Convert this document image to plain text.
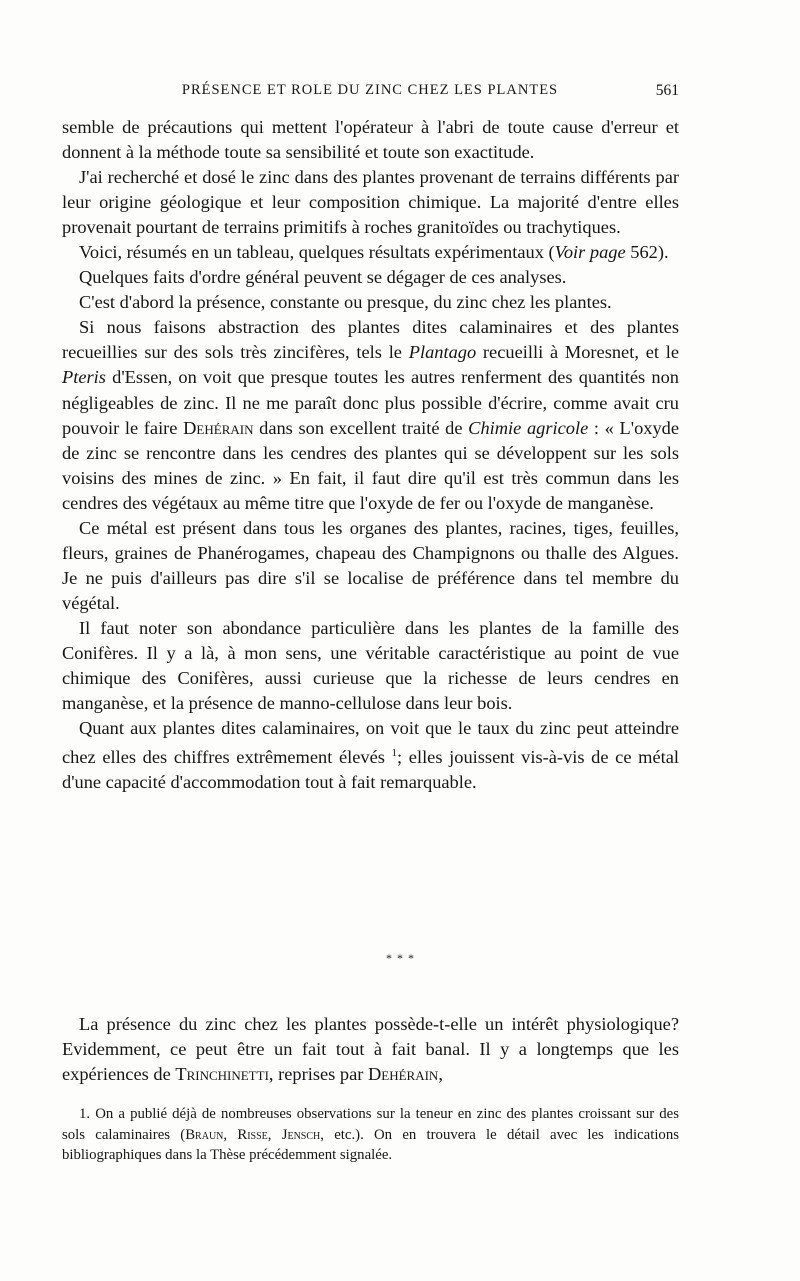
PRÉSENCE ET ROLE DU ZINC CHEZ LES PLANTES	561

semble de précautions qui mettent l'opérateur à l'abri de toute cause d'erreur et donnent à la méthode toute sa sensibilité et toute son exactitude.

J'ai recherché et dosé le zinc dans des plantes provenant de terrains différents par leur origine géologique et leur composition chimique. La majorité d'entre elles provenait pourtant de terrains primitifs à roches granitoïdes ou trachytiques.

Voici, résumés en un tableau, quelques résultats expérimentaux (Voir page 562).

Quelques faits d'ordre général peuvent se dégager de ces analyses.

C'est d'abord la présence, constante ou presque, du zinc chez les plantes.

Si nous faisons abstraction des plantes dites calaminaires et des plantes recueillies sur des sols très zincifères, tels le Plantago recueilli à Moresnet, et le Pteris d'Essen, on voit que presque toutes les autres renferment des quantités non négligeables de zinc. Il ne me paraît donc plus possible d'écrire, comme avait cru pouvoir le faire Dehérain dans son excellent traité de Chimie agricole : « L'oxyde de zinc se rencontre dans les cendres des plantes qui se développent sur les sols voisins des mines de zinc. » En fait, il faut dire qu'il est très commun dans les cendres des végétaux au même titre que l'oxyde de fer ou l'oxyde de manganèse.

Ce métal est présent dans tous les organes des plantes, racines, tiges, feuilles, fleurs, graines de Phanérogames, chapeau des Champignons ou thalle des Algues. Je ne puis d'ailleurs pas dire s'il se localise de préférence dans tel membre du végétal.

Il faut noter son abondance particulière dans les plantes de la famille des Conifères. Il y a là, à mon sens, une véritable caractéristique au point de vue chimique des Conifères, aussi curieuse que la richesse de leurs cendres en manganèse, et la présence de manno-cellulose dans leur bois.

Quant aux plantes dites calaminaires, on voit que le taux du zinc peut atteindre chez elles des chiffres extrêmement élevés $^1$; elles jouissent vis-à-vis de ce métal d'une capacité d'accommodation tout à fait remarquable.

* * *

La présence du zinc chez les plantes possède-t-elle un intérêt physiologique? Evidemment, ce peut être un fait tout à fait banal. Il y a longtemps que les expériences de Trinchinetti, reprises par Dehérain,

1. On a publié déjà de nombreuses observations sur la teneur en zinc des plantes croissant sur des sols calaminaires (Braun, Risse, Jensch, etc.). On en trouvera le détail avec les indications bibliographiques dans la Thèse précédemment signalée.
